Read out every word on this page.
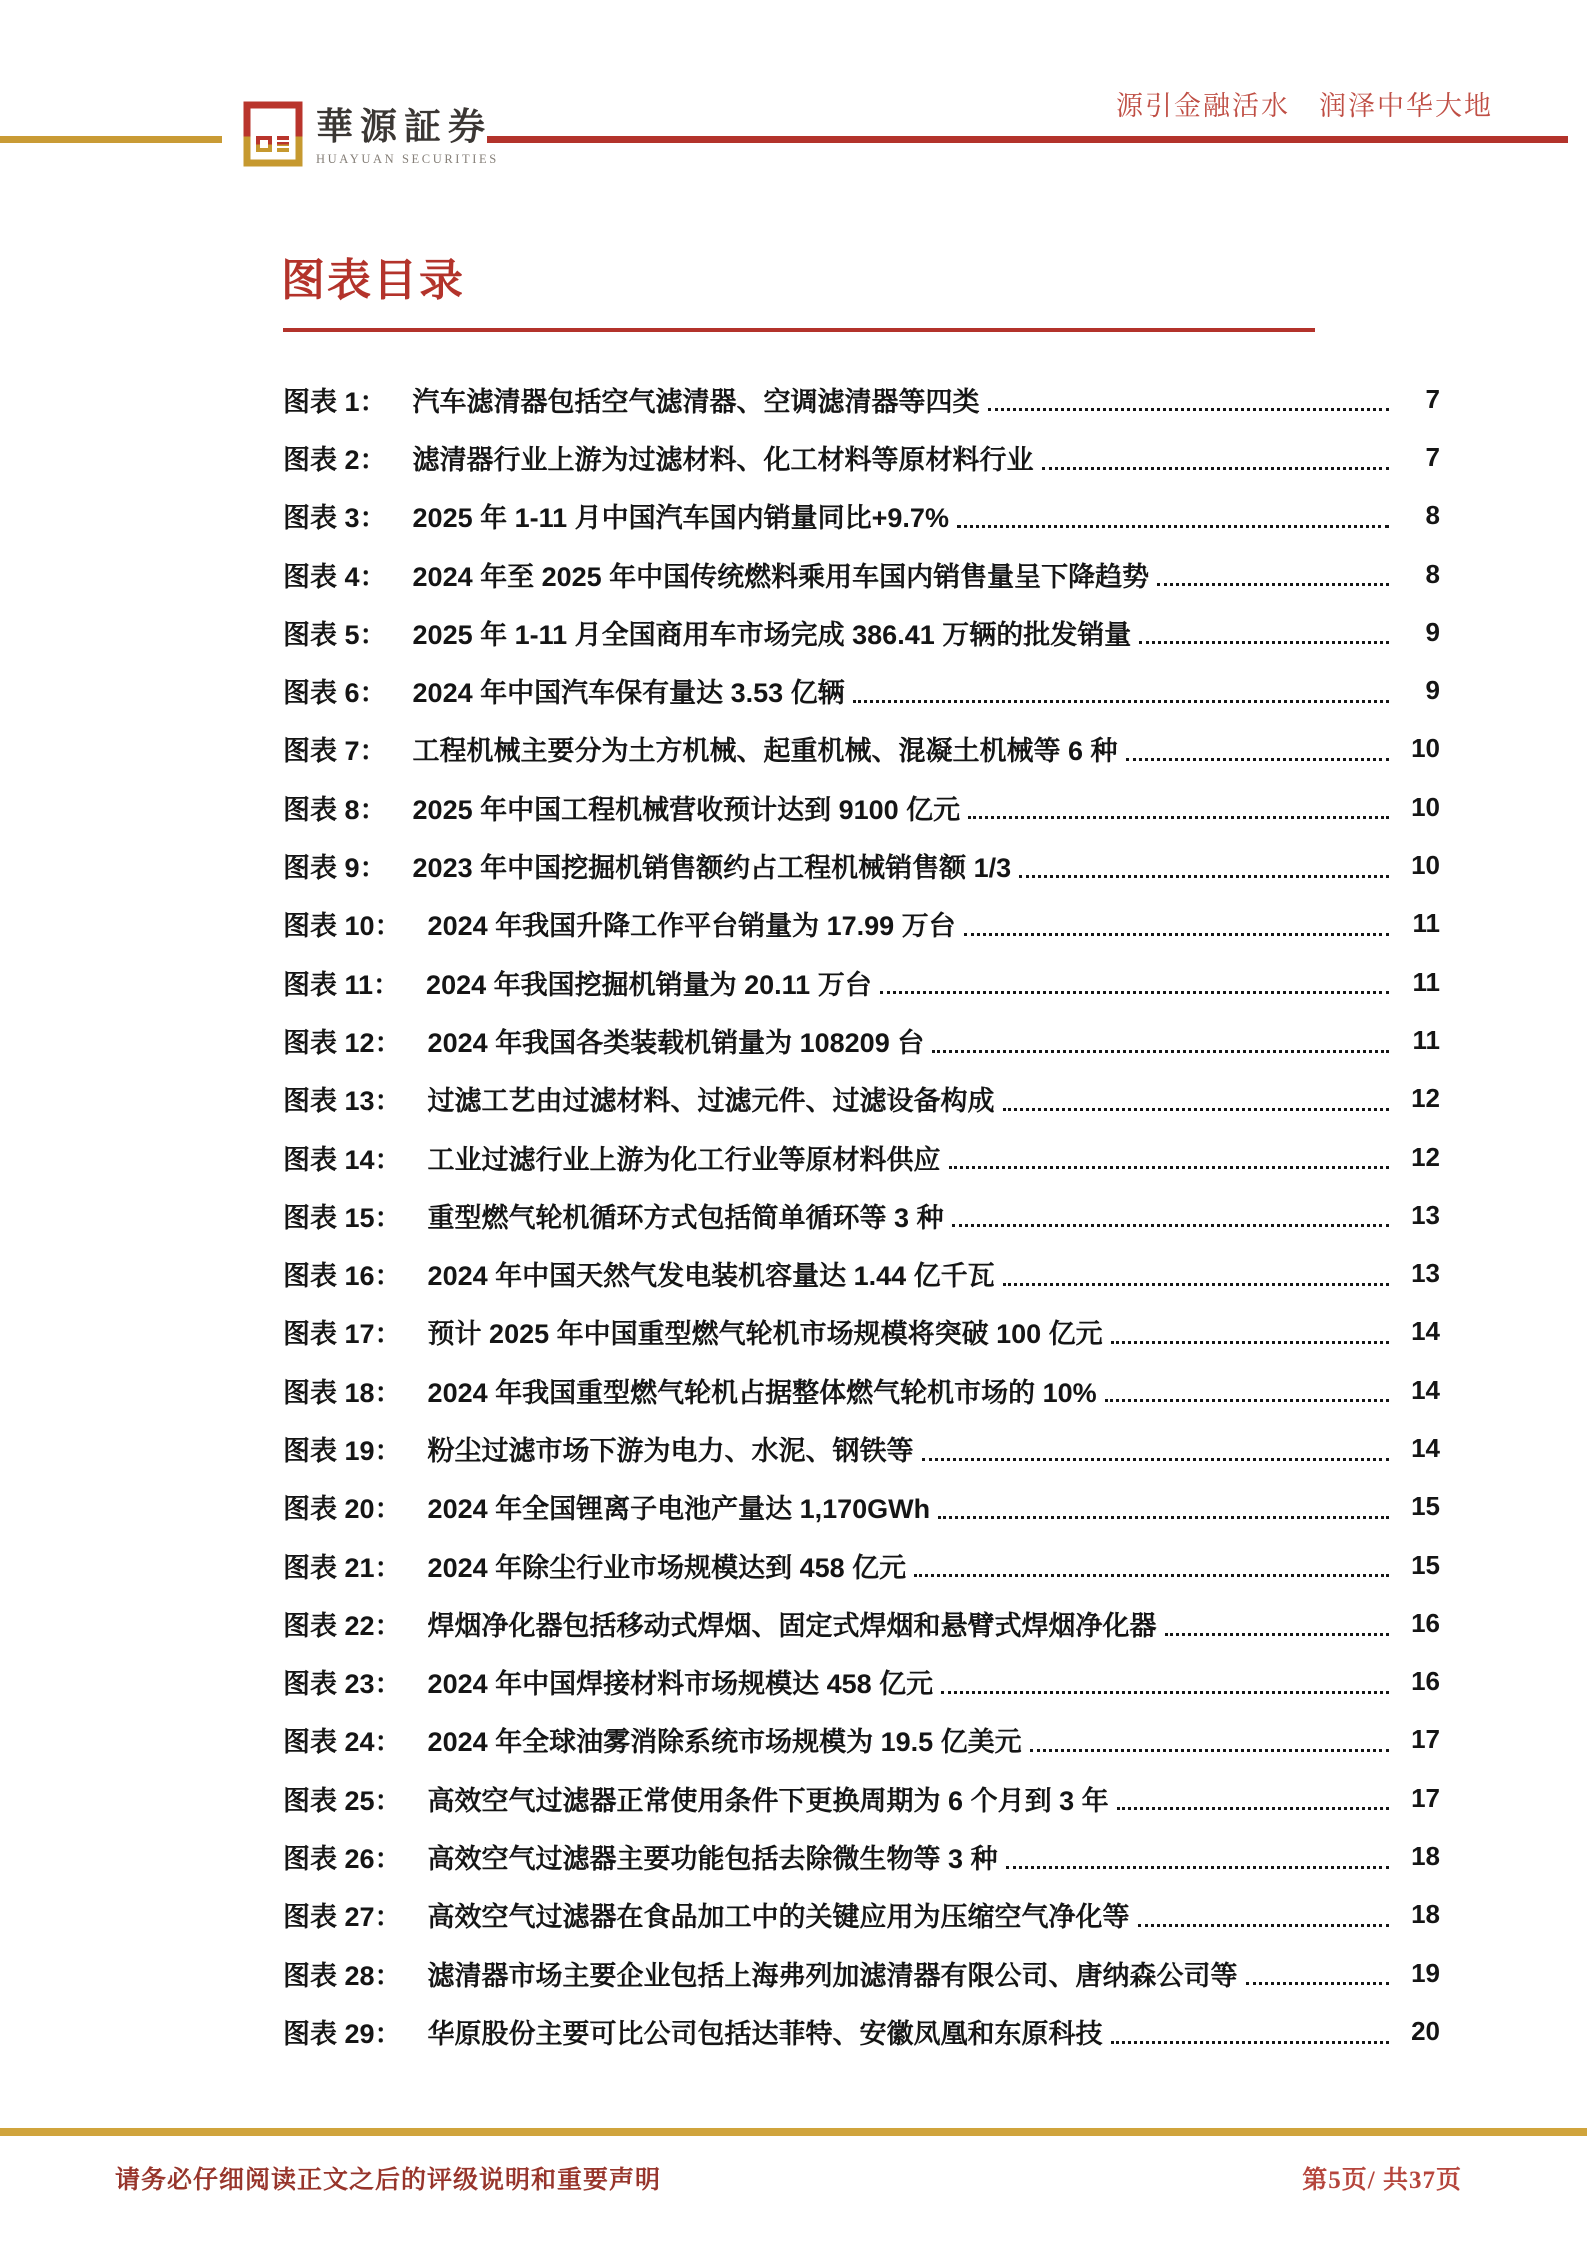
華源証券
HUAYUAN SECURITIES
源引金融活水　润泽中华大地
图表目录
图表 1： 汽车滤清器包括空气滤清器、空调滤清器等四类	7
图表 2： 滤清器行业上游为过滤材料、化工材料等原材料行业	7
图表 3： 2025 年 1-11 月中国汽车国内销量同比+9.7%	8
图表 4： 2024 年至 2025 年中国传统燃料乘用车国内销售量呈下降趋势	8
图表 5： 2025 年 1-11 月全国商用车市场完成 386.41 万辆的批发销量	9
图表 6： 2024 年中国汽车保有量达 3.53 亿辆	9
图表 7： 工程机械主要分为土方机械、起重机械、混凝土机械等 6 种	10
图表 8： 2025 年中国工程机械营收预计达到 9100 亿元	10
图表 9： 2023 年中国挖掘机销售额约占工程机械销售额 1/3	10
图表 10： 2024 年我国升降工作平台销量为 17.99 万台	11
图表 11： 2024 年我国挖掘机销量为 20.11 万台	11
图表 12： 2024 年我国各类装载机销量为 108209 台	11
图表 13： 过滤工艺由过滤材料、过滤元件、过滤设备构成	12
图表 14： 工业过滤行业上游为化工行业等原材料供应	12
图表 15： 重型燃气轮机循环方式包括简单循环等 3 种	13
图表 16： 2024 年中国天然气发电装机容量达 1.44 亿千瓦	13
图表 17： 预计 2025 年中国重型燃气轮机市场规模将突破 100 亿元	14
图表 18： 2024 年我国重型燃气轮机占据整体燃气轮机市场的 10%	14
图表 19： 粉尘过滤市场下游为电力、水泥、钢铁等	14
图表 20： 2024 年全国锂离子电池产量达 1,170GWh	15
图表 21： 2024 年除尘行业市场规模达到 458 亿元	15
图表 22： 焊烟净化器包括移动式焊烟、固定式焊烟和悬臂式焊烟净化器	16
图表 23： 2024 年中国焊接材料市场规模达 458 亿元	16
图表 24： 2024 年全球油雾消除系统市场规模为 19.5 亿美元	17
图表 25： 高效空气过滤器正常使用条件下更换周期为 6 个月到 3 年	17
图表 26： 高效空气过滤器主要功能包括去除微生物等 3 种	18
图表 27： 高效空气过滤器在食品加工中的关键应用为压缩空气净化等	18
图表 28： 滤清器市场主要企业包括上海弗列加滤清器有限公司、唐纳森公司等	19
图表 29： 华原股份主要可比公司包括达菲特、安徽凤凰和东原科技	20
请务必仔细阅读正文之后的评级说明和重要声明	第5页/ 共37页
